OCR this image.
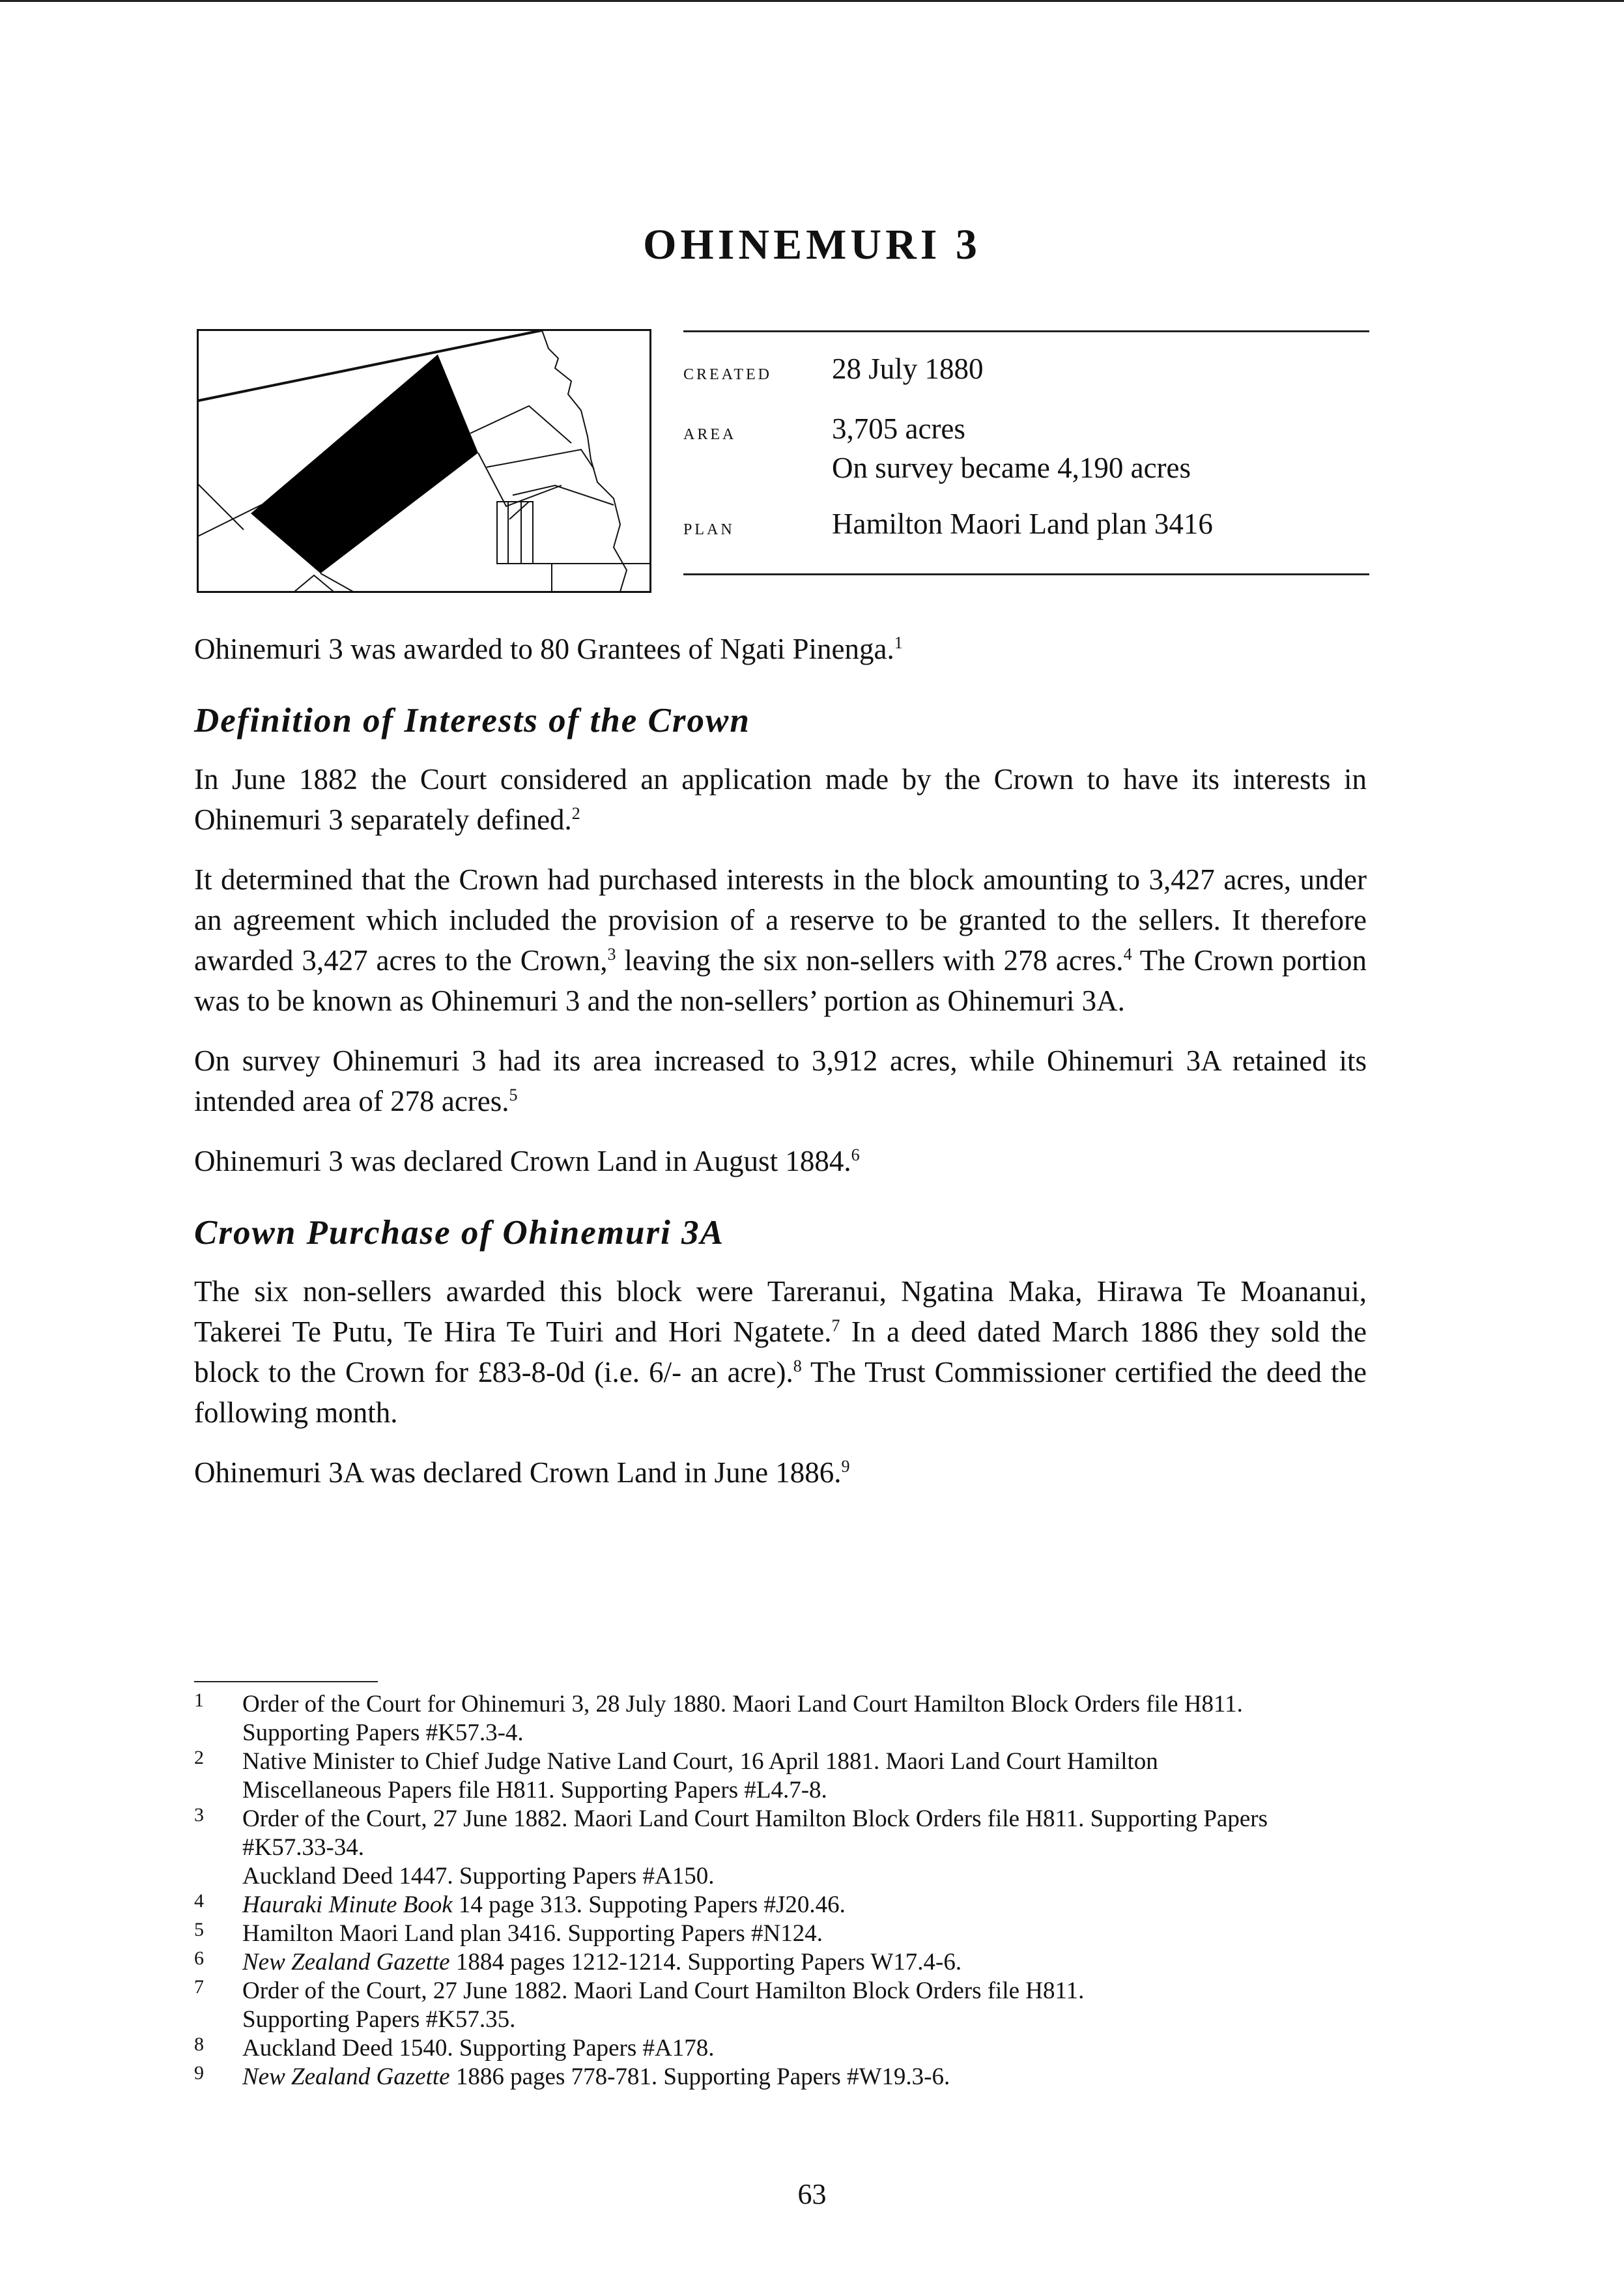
OHINEMURI 3
created	28 July 1880

area	3,705 acres
On survey became 4,190 acres

plan	Hamilton Maori Land plan 3416

Ohinemuri 3 was awarded to 80 Grantees of Ngati Pinenga.$^1$

Definition of Interests of the Crown

In June 1882 the Court considered an application made by the Crown to have its interests in Ohinemuri 3 separately defined.$^2$

It determined that the Crown had purchased interests in the block amounting to 3,427 acres, under an agreement which included the provision of a reserve to be granted to the sellers. It therefore awarded 3,427 acres to the Crown,$^3$ leaving the six non-sellers with 278 acres.$^4$ The Crown portion was to be known as Ohinemuri 3 and the non-sellers’ portion as Ohinemuri 3A.

On survey Ohinemuri 3 had its area increased to 3,912 acres, while Ohinemuri 3A retained its intended area of 278 acres.$^5$

Ohinemuri 3 was declared Crown Land in August 1884.$^6$

Crown Purchase of Ohinemuri 3A

The six non-sellers awarded this block were Tareranui, Ngatina Maka, Hirawa Te Moananui, Takerei Te Putu, Te Hira Te Tuiri and Hori Ngatete.$^7$ In a deed dated March 1886 they sold the block to the Crown for £83-8-0d (i.e. 6/- an acre).$^8$ The Trust Commissioner certified the deed the following month.

Ohinemuri 3A was declared Crown Land in June 1886.$^9$

1 Order of the Court for Ohinemuri 3, 28 July 1880. Maori Land Court Hamilton Block Orders file H811.
Supporting Papers #K57.3-4.
2 Native Minister to Chief Judge Native Land Court, 16 April 1881. Maori Land Court Hamilton
Miscellaneous Papers file H811. Supporting Papers #L4.7-8.
3 Order of the Court, 27 June 1882. Maori Land Court Hamilton Block Orders file H811. Supporting Papers
#K57.33-34.
Auckland Deed 1447. Supporting Papers #A150.
4 Hauraki Minute Book 14 page 313. Suppoting Papers #J20.46.
5 Hamilton Maori Land plan 3416. Supporting Papers #N124.
6 New Zealand Gazette 1884 pages 1212-1214. Supporting Papers W17.4-6.
7 Order of the Court, 27 June 1882. Maori Land Court Hamilton Block Orders file H811.
Supporting Papers #K57.35.
8 Auckland Deed 1540. Supporting Papers #A178.
9 New Zealand Gazette 1886 pages 778-781. Supporting Papers #W19.3-6.
63
